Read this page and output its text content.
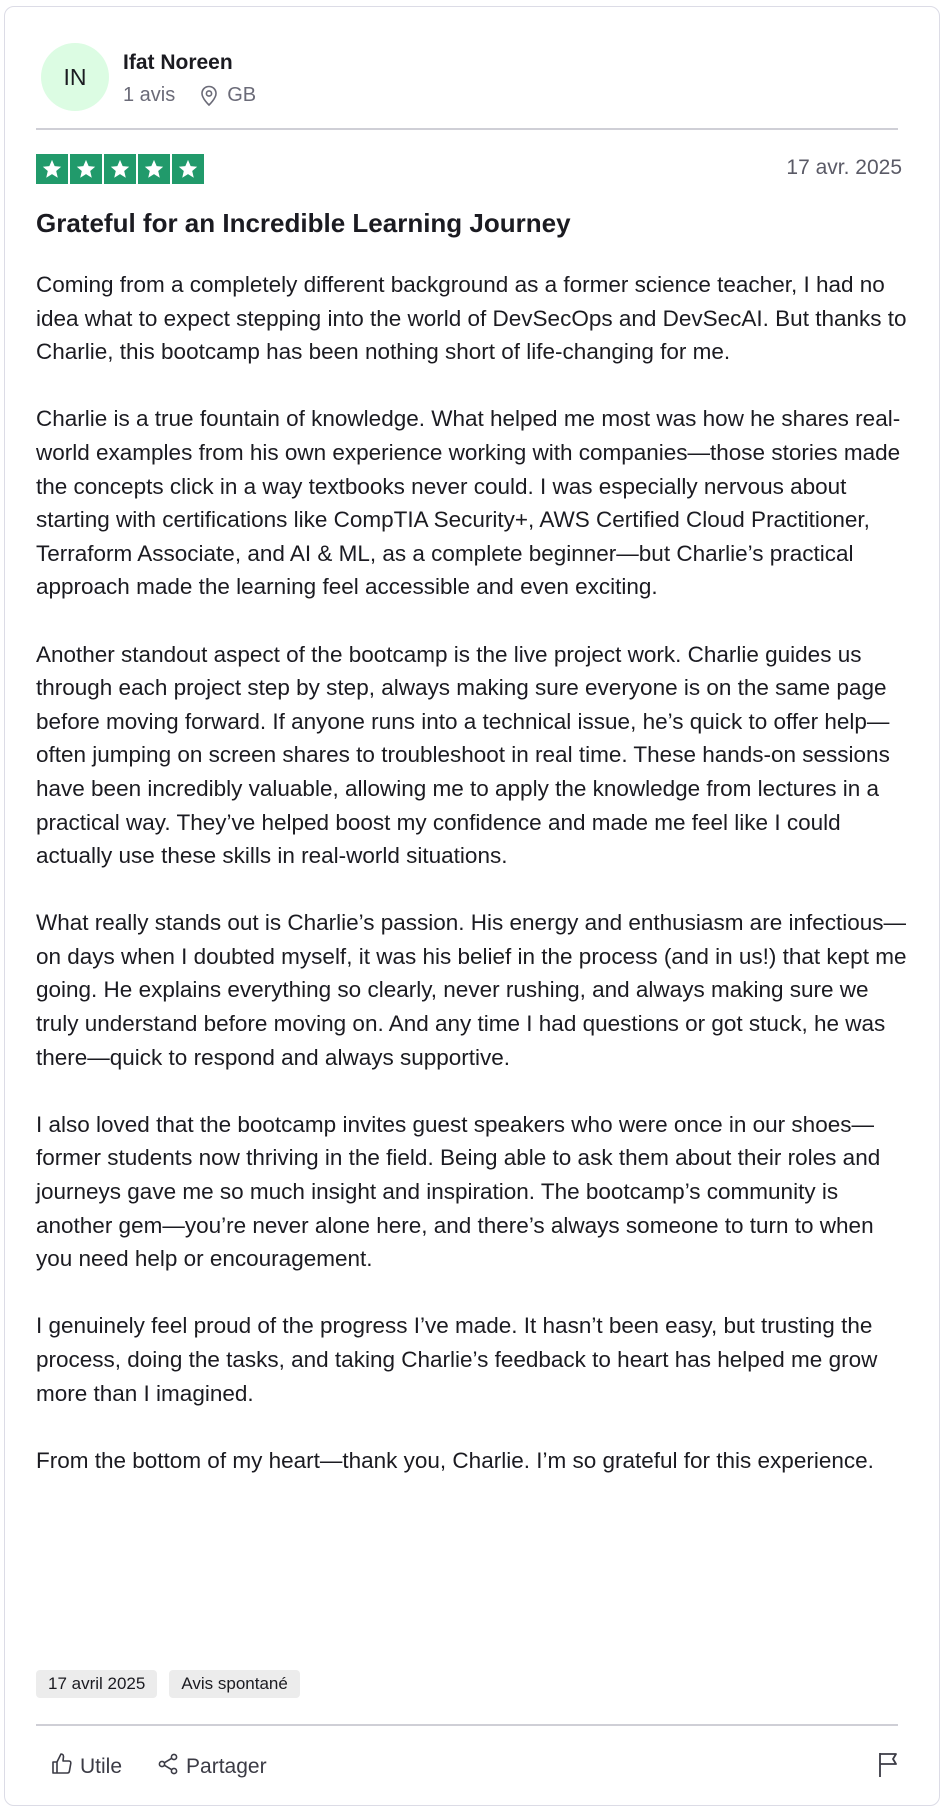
IN
Ifat Noreen
1 avis	GB
17 avr. 2025
Grateful for an Incredible Learning Journey

Coming from a completely different background as a former science teacher, I had no idea what to expect stepping into the world of DevSecOps and DevSecAI. But thanks to Charlie, this bootcamp has been nothing short of life-changing for me.

Charlie is a true fountain of knowledge. What helped me most was how he shares real-world examples from his own experience working with companies—those stories made the concepts click in a way textbooks never could. I was especially nervous about starting with certifications like CompTIA Security+, AWS Certified Cloud Practitioner, Terraform Associate, and AI & ML, as a complete beginner—but Charlie’s practical approach made the learning feel accessible and even exciting.

Another standout aspect of the bootcamp is the live project work. Charlie guides us through each project step by step, always making sure everyone is on the same page before moving forward. If anyone runs into a technical issue, he’s quick to offer help—often jumping on screen shares to troubleshoot in real time. These hands-on sessions have been incredibly valuable, allowing me to apply the knowledge from lectures in a practical way. They’ve helped boost my confidence and made me feel like I could actually use these skills in real-world situations.

What really stands out is Charlie’s passion. His energy and enthusiasm are infectious—on days when I doubted myself, it was his belief in the process (and in us!) that kept me going. He explains everything so clearly, never rushing, and always making sure we truly understand before moving on. And any time I had questions or got stuck, he was there—quick to respond and always supportive.

I also loved that the bootcamp invites guest speakers who were once in our shoes—former students now thriving in the field. Being able to ask them about their roles and journeys gave me so much insight and inspiration. The bootcamp’s community is another gem—you’re never alone here, and there’s always someone to turn to when you need help or encouragement.

I genuinely feel proud of the progress I’ve made. It hasn’t been easy, but trusting the process, doing the tasks, and taking Charlie’s feedback to heart has helped me grow more than I imagined.

From the bottom of my heart—thank you, Charlie. I’m so grateful for this experience.

17 avril 2025	Avis spontané
Utile	Partager
